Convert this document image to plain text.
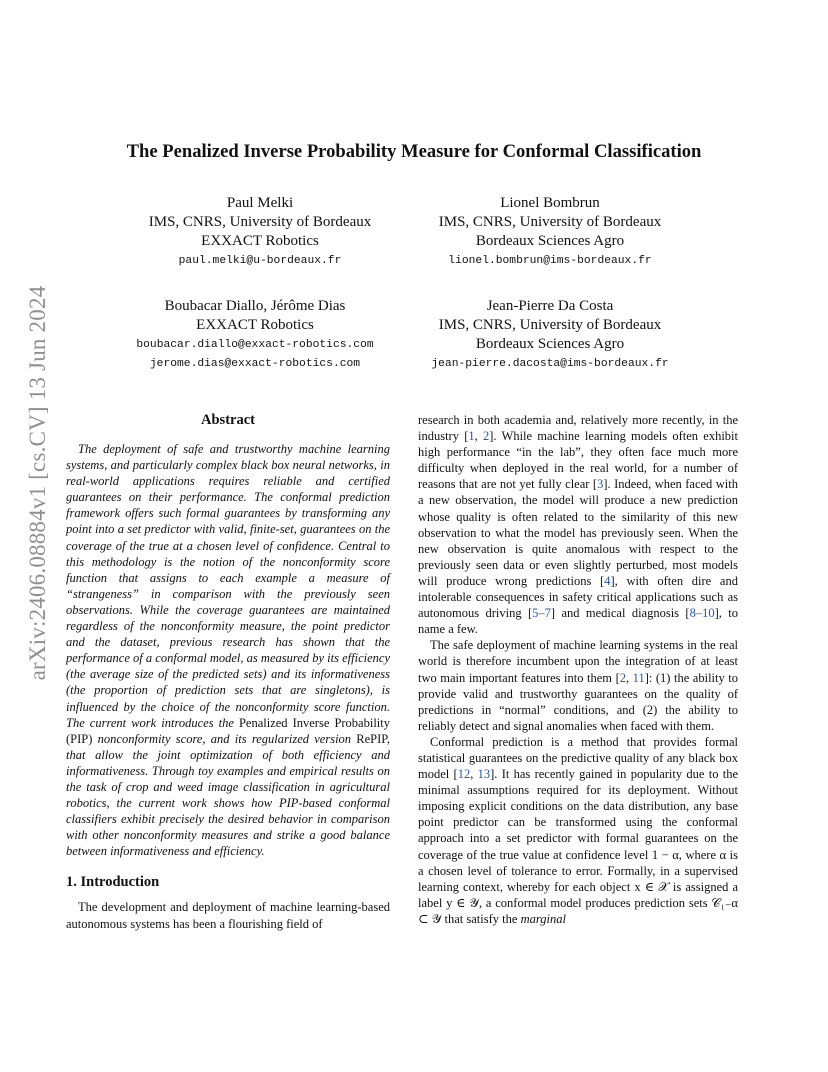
arXiv:2406.08884v1 [cs.CV] 13 Jun 2024
The Penalized Inverse Probability Measure for Conformal Classification
Paul Melki
IMS, CNRS, University of Bordeaux
EXXACT Robotics
paul.melki@u-bordeaux.fr
Lionel Bombrun
IMS, CNRS, University of Bordeaux
Bordeaux Sciences Agro
lionel.bombrun@ims-bordeaux.fr
Boubacar Diallo, Jérôme Dias
EXXACT Robotics
boubacar.diallo@exxact-robotics.com
jerome.dias@exxact-robotics.com
Jean-Pierre Da Costa
IMS, CNRS, University of Bordeaux
Bordeaux Sciences Agro
jean-pierre.dacosta@ims-bordeaux.fr
Abstract

The deployment of safe and trustworthy machine learning systems, and particularly complex black box neural networks, in real-world applications requires reliable and certified guarantees on their performance. The conformal prediction framework offers such formal guarantees by transforming any point into a set predictor with valid, finite-set, guarantees on the coverage of the true at a chosen level of confidence. Central to this methodology is the notion of the nonconformity score function that assigns to each example a measure of “strangeness” in comparison with the previously seen observations. While the coverage guarantees are maintained regardless of the nonconformity measure, the point predictor and the dataset, previous research has shown that the performance of a conformal model, as measured by its efficiency (the average size of the predicted sets) and its informativeness (the proportion of prediction sets that are singletons), is influenced by the choice of the nonconformity score function. The current work introduces the Penalized Inverse Probability (PIP) nonconformity score, and its regularized version RePIP, that allow the joint optimization of both efficiency and informativeness. Through toy examples and empirical results on the task of crop and weed image classification in agricultural robotics, the current work shows how PIP-based conformal classifiers exhibit precisely the desired behavior in comparison with other nonconformity measures and strike a good balance between informativeness and efficiency.

1. Introduction

The development and deployment of machine learning-based autonomous systems has been a flourishing field of

research in both academia and, relatively more recently, in the industry [1, 2]. While machine learning models often exhibit high performance “in the lab”, they often face much more difficulty when deployed in the real world, for a number of reasons that are not yet fully clear [3]. Indeed, when faced with a new observation, the model will produce a new prediction whose quality is often related to the similarity of this new observation to what the model has previously seen. When the new observation is quite anomalous with respect to the previously seen data or even slightly perturbed, most models will produce wrong predictions [4], with often dire and intolerable consequences in safety critical applications such as autonomous driving [5–7] and medical diagnosis [8–10], to name a few.

The safe deployment of machine learning systems in the real world is therefore incumbent upon the integration of at least two main important features into them [2, 11]: (1) the ability to provide valid and trustworthy guarantees on the quality of predictions in “normal” conditions, and (2) the ability to reliably detect and signal anomalies when faced with them.

Conformal prediction is a method that provides formal statistical guarantees on the predictive quality of any black box model [12, 13]. It has recently gained in popularity due to the minimal assumptions required for its deployment. Without imposing explicit conditions on the data distribution, any base point predictor can be transformed using the conformal approach into a set predictor with formal guarantees on the coverage of the true value at confidence level 1 − α, where α is a chosen level of tolerance to error. Formally, in a supervised learning context, whereby for each object x ∈ 𝒳 is assigned a label y ∈ 𝒴, a conformal model produces prediction sets 𝒞₁₋α ⊂ 𝒴 that satisfy the marginal
